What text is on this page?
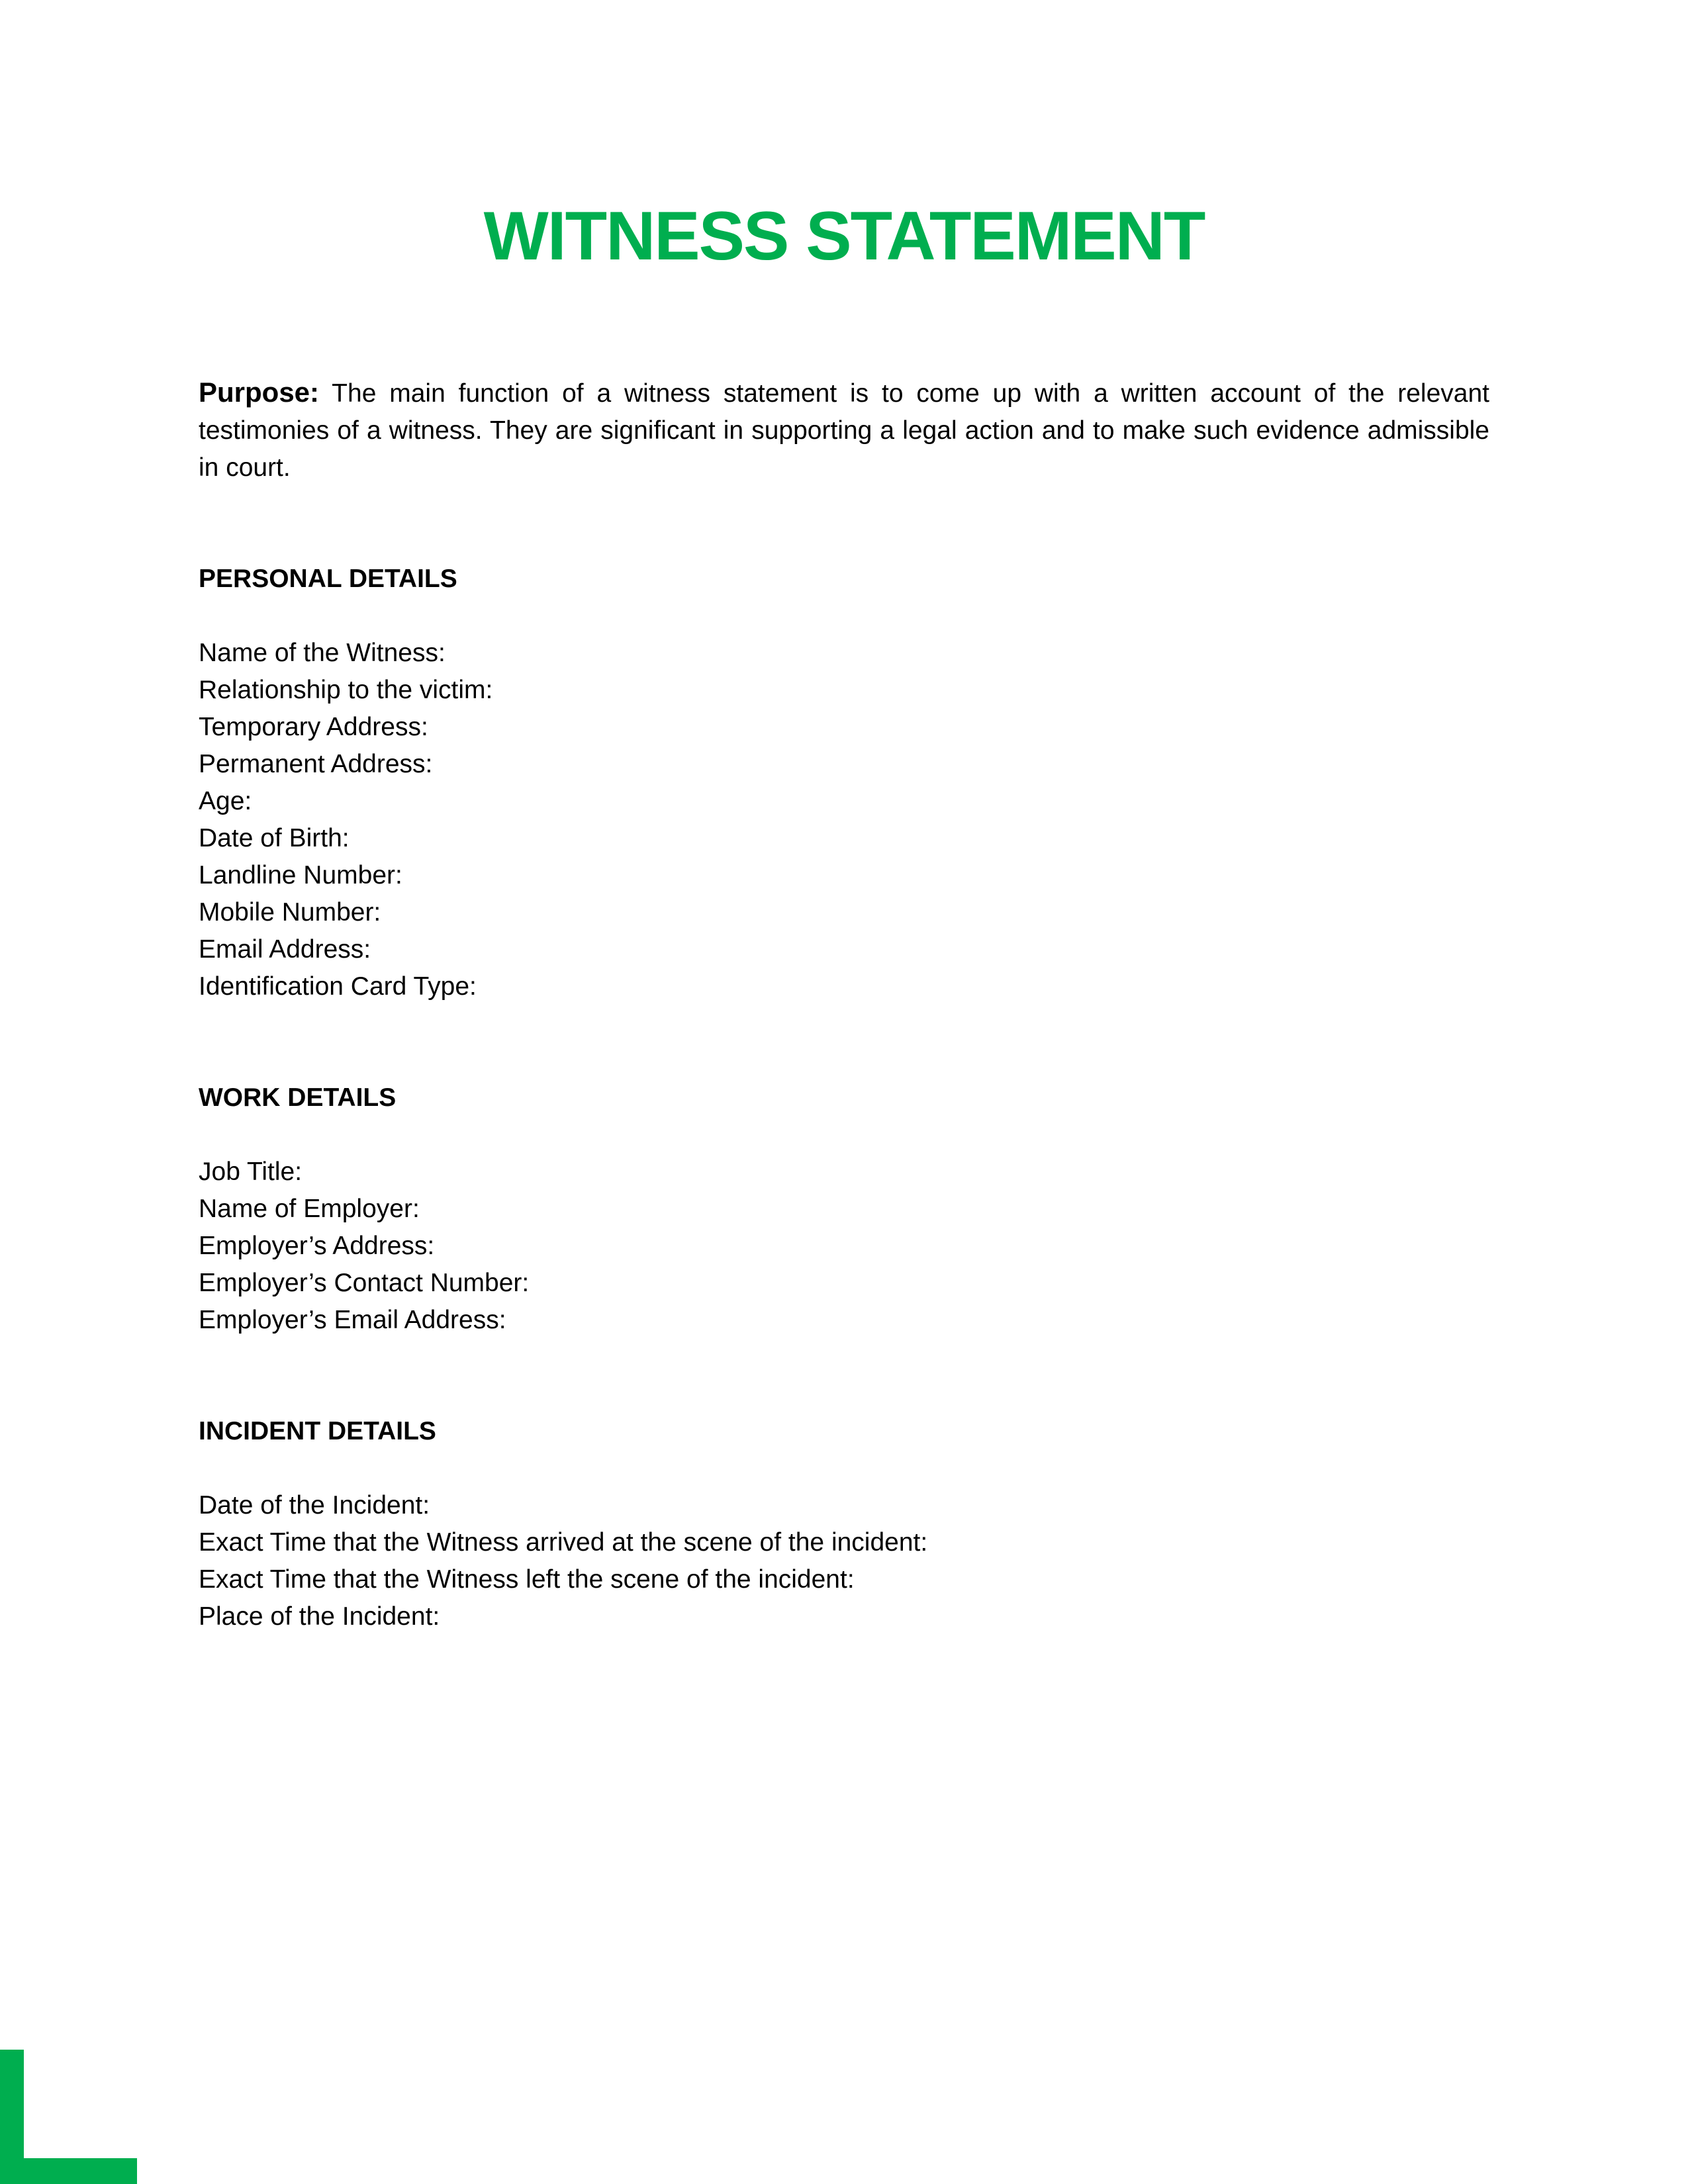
WITNESS STATEMENT

Purpose: The main function of a witness statement is to come up with a written account of the relevant testimonies of a witness. They are significant in supporting a legal action and to make such evidence admissible in court.

PERSONAL DETAILS

Name of the Witness:

Relationship to the victim:

Temporary Address:

Permanent Address:

Age:

Date of Birth:

Landline Number:

Mobile Number:

Email Address:

Identification Card Type:

WORK DETAILS

Job Title:

Name of Employer:

Employer’s Address:

Employer’s Contact Number:

Employer’s Email Address:

INCIDENT DETAILS

Date of the Incident:

Exact Time that the Witness arrived at the scene of the incident:

Exact Time that the Witness left the scene of the incident:

Place of the Incident:
